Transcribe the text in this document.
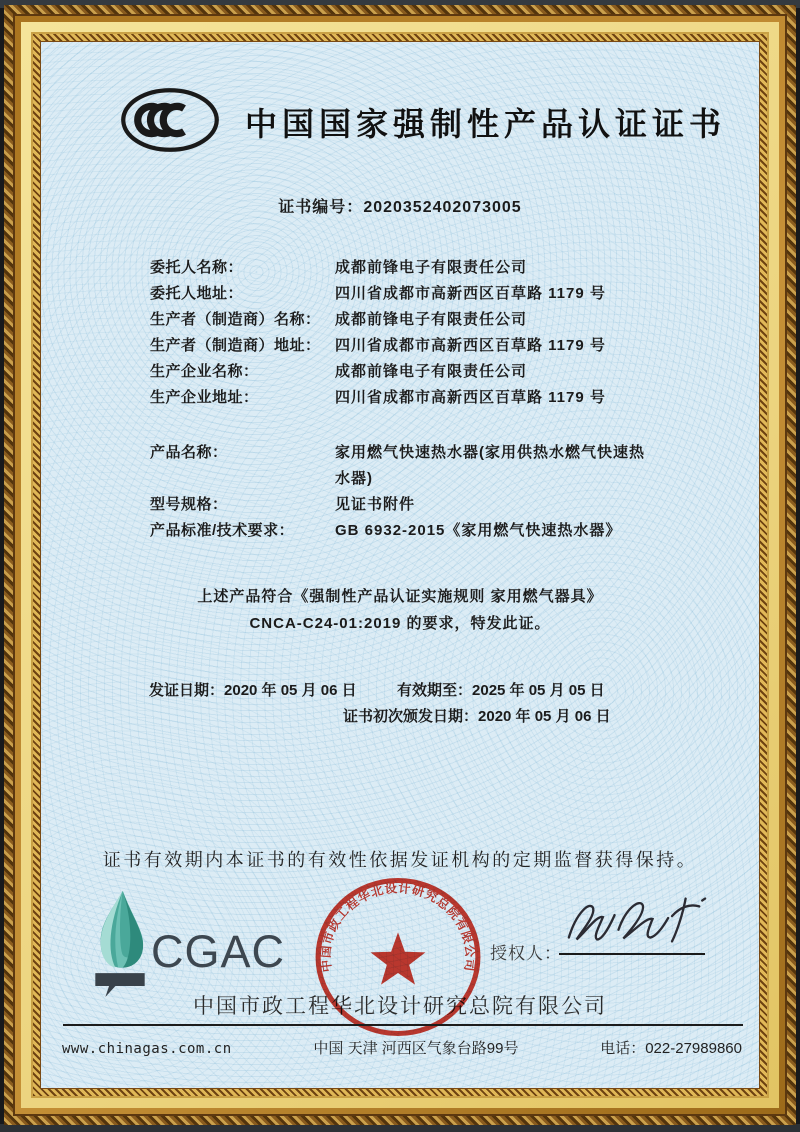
中国国家强制性产品认证证书
证书编号：2020352402073005
委托人名称：	成都前锋电子有限责任公司
委托人地址：	四川省成都市高新西区百草路 1179 号
生产者（制造商）名称： 成都前锋电子有限责任公司
生产者（制造商）地址： 四川省成都市高新西区百草路 1179 号
生产企业名称：	成都前锋电子有限责任公司
生产企业地址：	四川省成都市高新西区百草路 1179 号
产品名称：	家用燃气快速热水器(家用供热水燃气快速热水器)
型号规格：	见证书附件
产品标准/技术要求：	GB 6932-2015《家用燃气快速热水器》
上述产品符合《强制性产品认证实施规则 家用燃气器具》
CNCA-C24-01:2019 的要求，特发此证。
发证日期：2020 年 05 月 06 日	有效期至：2025 年 05 月 05 日
证书初次颁发日期：2020 年 05 月 06 日
证书有效期内本证书的有效性依据发证机构的定期监督获得保持。
CGAC	授权人：
中国市政工程华北设计研究总院有限公司
中国市政工程华北设计研究总院有限公司
www.chinagas.com.cn	中国 天津 河西区气象台路99号	电话：022-27989860
